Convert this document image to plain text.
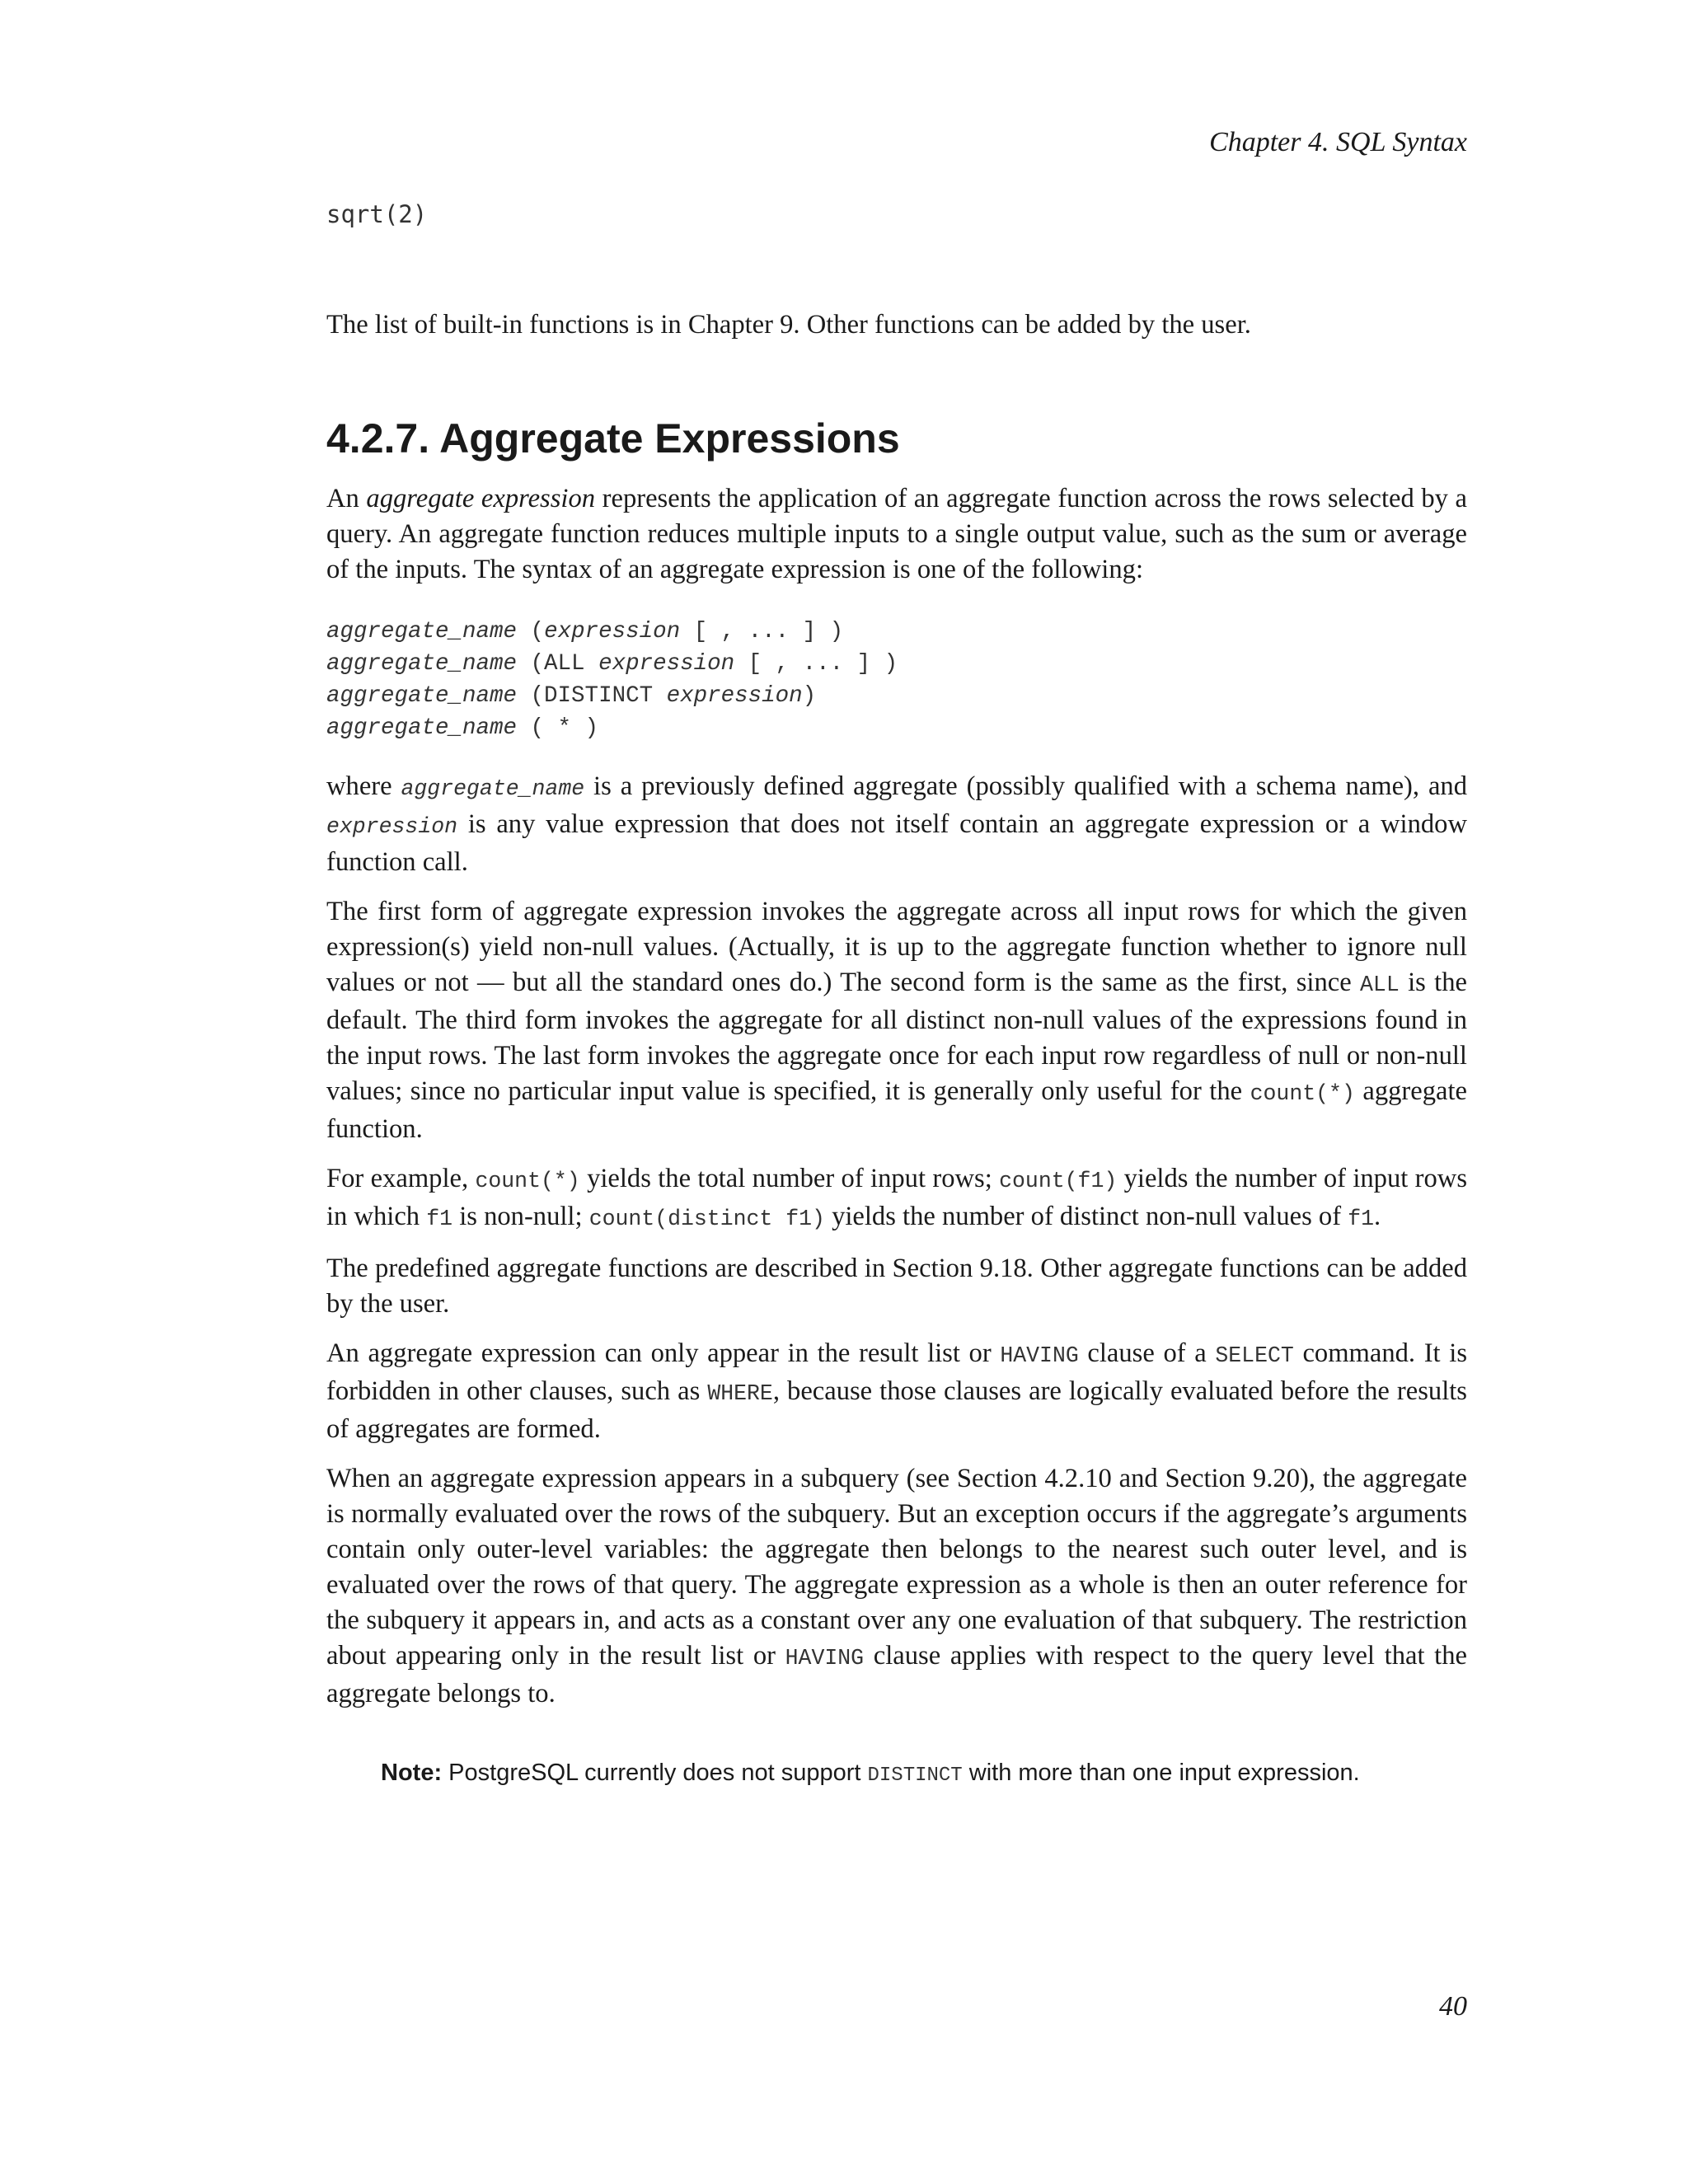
Chapter 4. SQL Syntax
sqrt(2)

The list of built-in functions is in Chapter 9. Other functions can be added by the user.

4.2.7. Aggregate Expressions

An aggregate expression represents the application of an aggregate function across the rows selected by a query. An aggregate function reduces multiple inputs to a single output value, such as the sum or average of the inputs. The syntax of an aggregate expression is one of the following:

aggregate_name (expression [ , ... ] )
aggregate_name (ALL expression [ , ... ] )
aggregate_name (DISTINCT expression)
aggregate_name ( * )

where aggregate_name is a previously defined aggregate (possibly qualified with a schema name), and expression is any value expression that does not itself contain an aggregate expression or a window function call.

The first form of aggregate expression invokes the aggregate across all input rows for which the given expression(s) yield non-null values. (Actually, it is up to the aggregate function whether to ignore null values or not — but all the standard ones do.) The second form is the same as the first, since ALL is the default. The third form invokes the aggregate for all distinct non-null values of the expressions found in the input rows. The last form invokes the aggregate once for each input row regardless of null or non-null values; since no particular input value is specified, it is generally only useful for the count(*) aggregate function.

For example, count(*) yields the total number of input rows; count(f1) yields the number of input rows in which f1 is non-null; count(distinct f1) yields the number of distinct non-null values of f1.

The predefined aggregate functions are described in Section 9.18. Other aggregate functions can be added by the user.

An aggregate expression can only appear in the result list or HAVING clause of a SELECT command. It is forbidden in other clauses, such as WHERE, because those clauses are logically evaluated before the results of aggregates are formed.

When an aggregate expression appears in a subquery (see Section 4.2.10 and Section 9.20), the aggregate is normally evaluated over the rows of the subquery. But an exception occurs if the aggregate’s arguments contain only outer-level variables: the aggregate then belongs to the nearest such outer level, and is evaluated over the rows of that query. The aggregate expression as a whole is then an outer reference for the subquery it appears in, and acts as a constant over any one evaluation of that subquery. The restriction about appearing only in the result list or HAVING clause applies with respect to the query level that the aggregate belongs to.

Note: PostgreSQL currently does not support DISTINCT with more than one input expression.
40
